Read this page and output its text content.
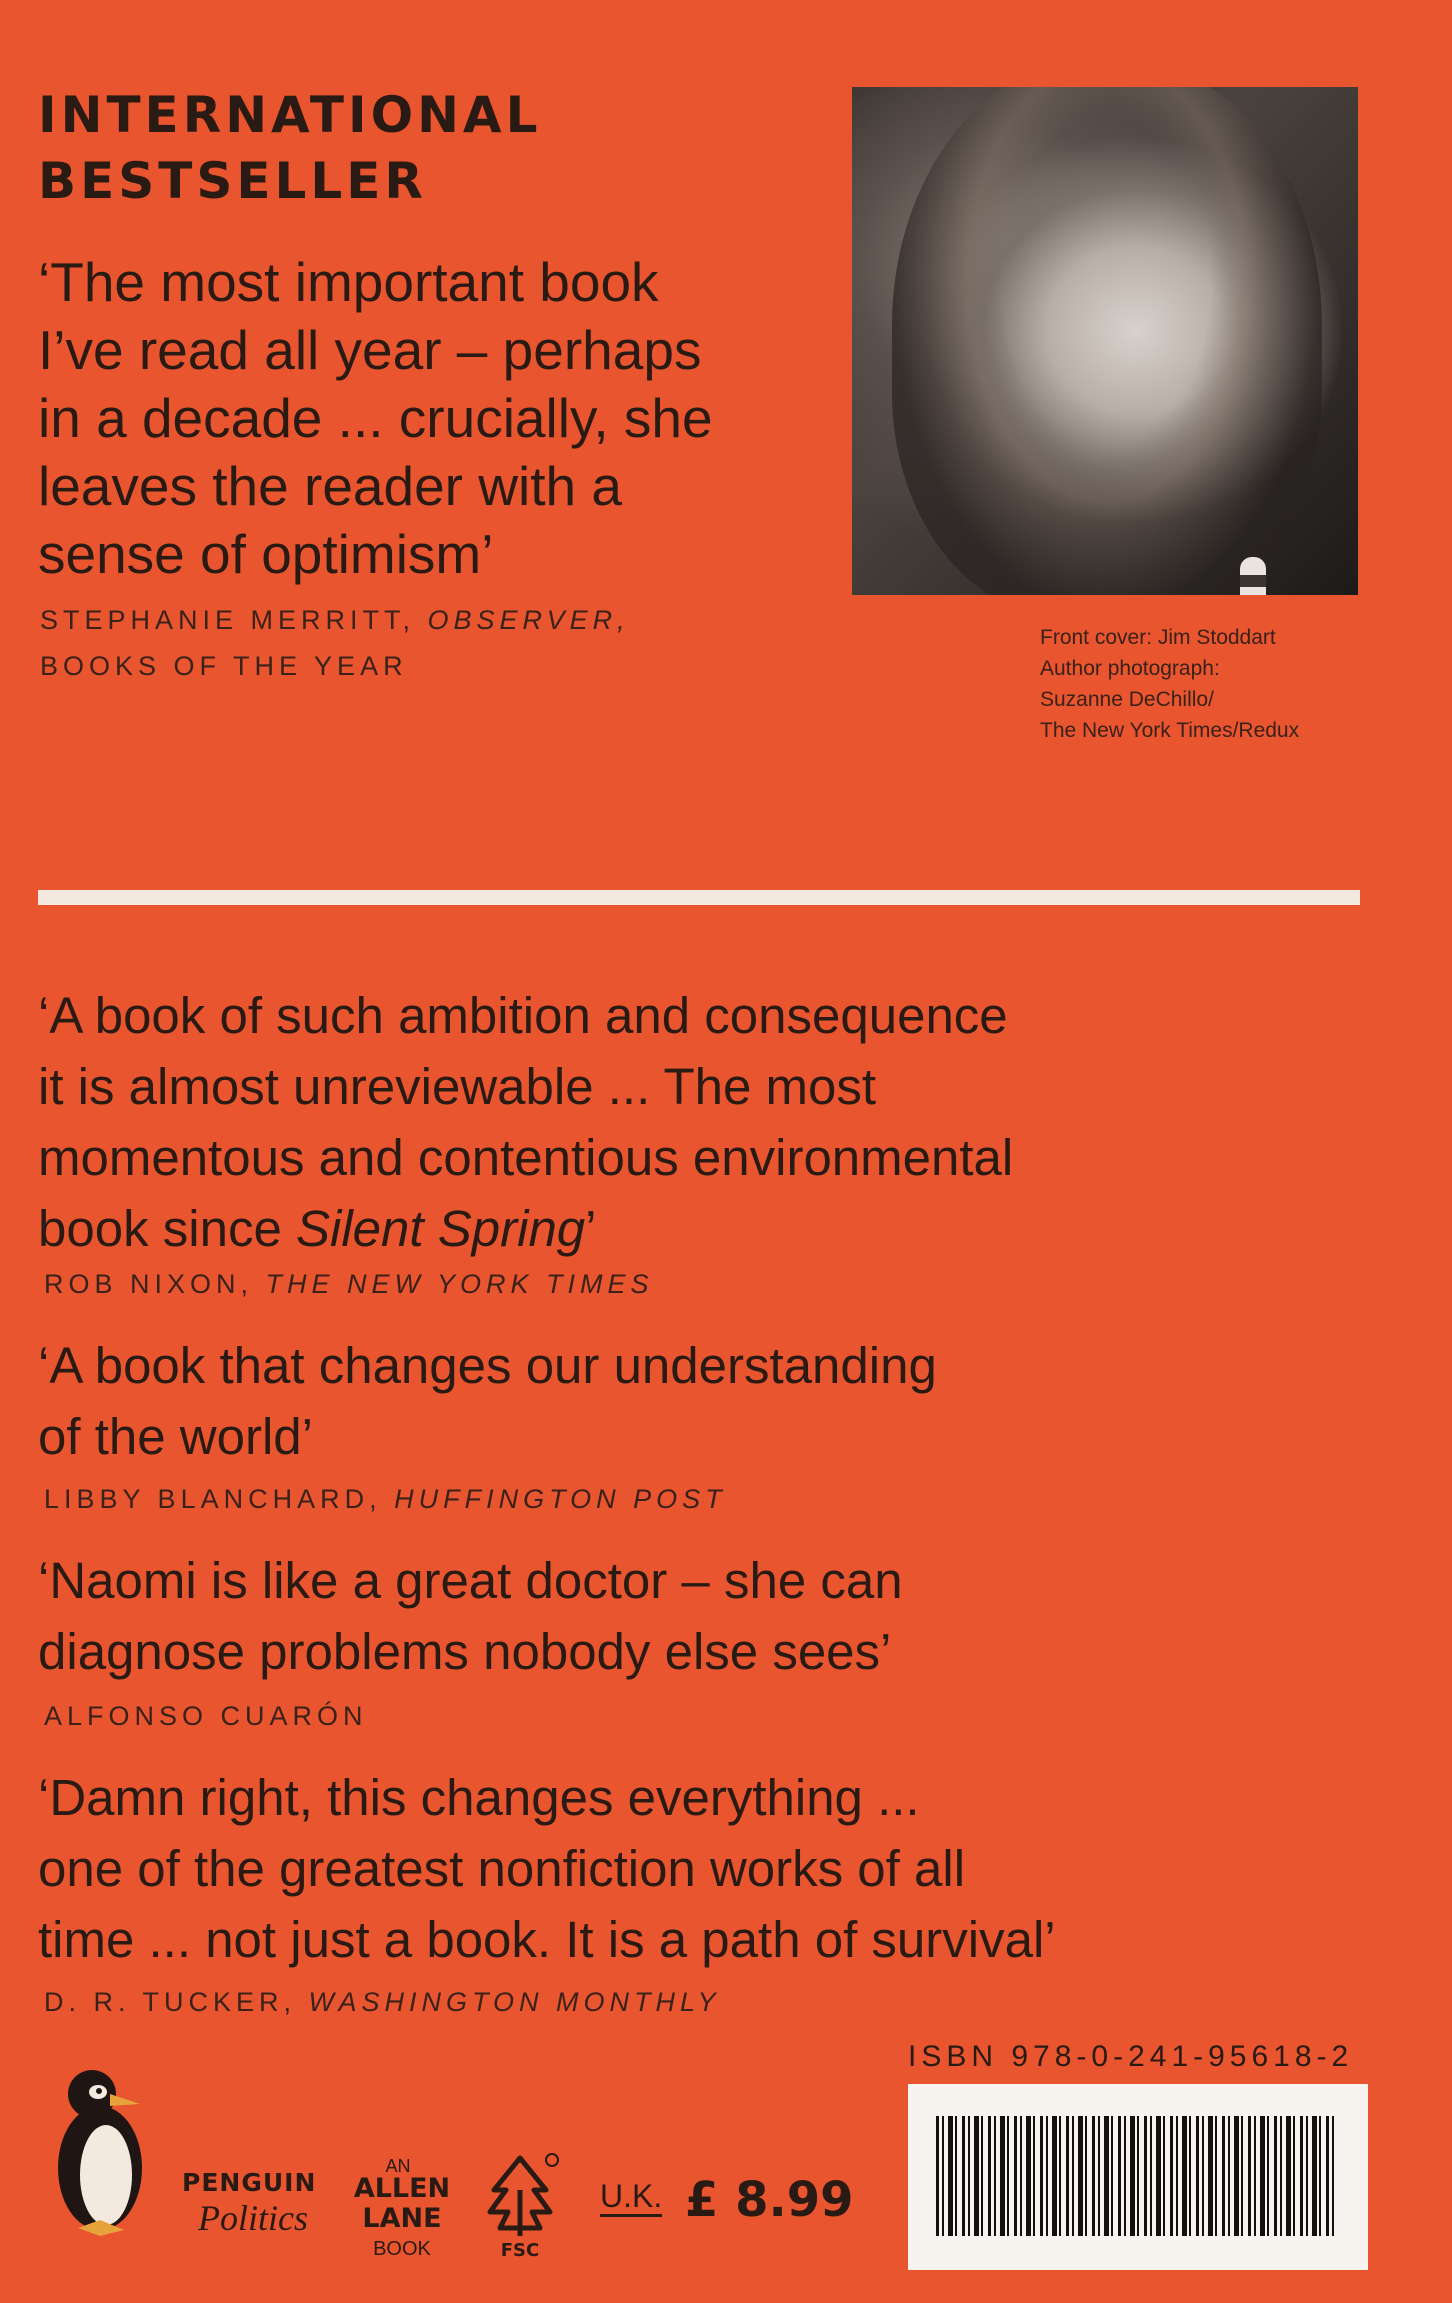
INTERNATIONAL
BESTSELLER
‘The most important book
I’ve read all year – perhaps
in a decade ... crucially, she
leaves the reader with a
sense of optimism’
STEPHANIE MERRITT, OBSERVER,
BOOKS OF THE YEAR
Front cover: Jim Stoddart
Author photograph:
Suzanne DeChillo/
The New York Times/Redux
‘A book of such ambition and consequence
it is almost unreviewable ... The most
momentous and contentious environmental
book since Silent Spring’
ROB NIXON, THE NEW YORK TIMES
‘A book that changes our understanding
of the world’
LIBBY BLANCHARD, HUFFINGTON POST
‘Naomi is like a great doctor – she can
diagnose problems nobody else sees’
ALFONSO CUARÓN
‘Damn right, this changes everything ...
one of the greatest nonfiction works of all
time ... not just a book. It is a path of survival’
D. R. TUCKER, WASHINGTON MONTHLY
ISBN 978-0-241-95618-2
PENGUIN
Politics
AN
ALLEN
LANE
BOOK	FSC
U.K. £ 8.99
